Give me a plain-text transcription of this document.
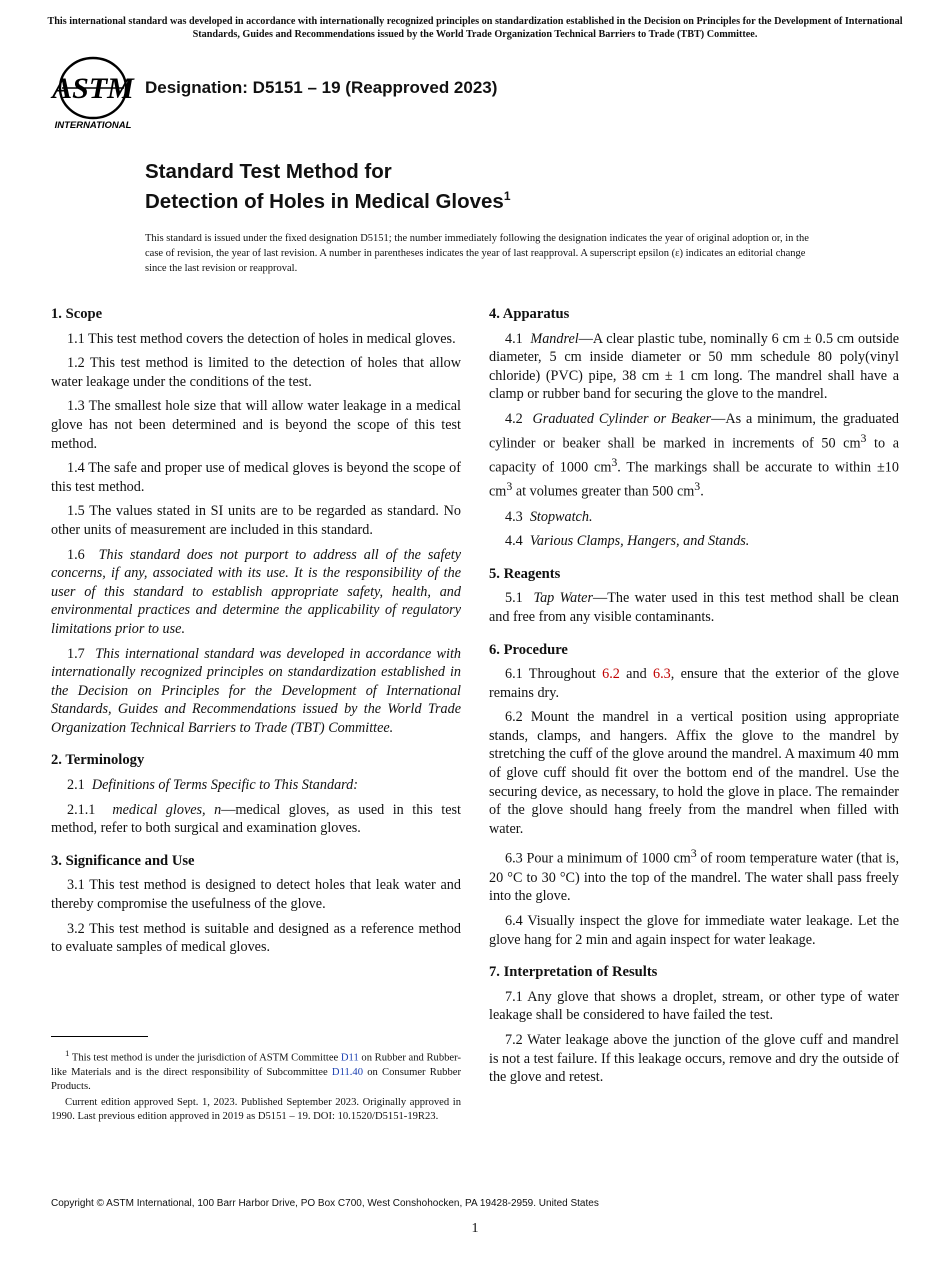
This international standard was developed in accordance with internationally recognized principles on standardization established in the Decision on Principles for the Development of International Standards, Guides and Recommendations issued by the World Trade Organization Technical Barriers to Trade (TBT) Committee.
ASTM
INTERNATIONAL
Designation: D5151 – 19 (Reapproved 2023)
Standard Test Method for
Detection of Holes in Medical Gloves$^1$
This standard is issued under the fixed designation D5151; the number immediately following the designation indicates the year of original adoption or, in the case of revision, the year of last revision. A number in parentheses indicates the year of last reapproval. A superscript epsilon (ε) indicates an editorial change since the last revision or reapproval.
1. Scope

1.1 This test method covers the detection of holes in medical gloves.

1.2 This test method is limited to the detection of holes that allow water leakage under the conditions of the test.

1.3 The smallest hole size that will allow water leakage in a medical glove has not been determined and is beyond the scope of this test method.

1.4 The safe and proper use of medical gloves is beyond the scope of this test method.

1.5 The values stated in SI units are to be regarded as standard. No other units of measurement are included in this standard.

1.6 This standard does not purport to address all of the safety concerns, if any, associated with its use. It is the responsibility of the user of this standard to establish appropriate safety, health, and environmental practices and determine the applicability of regulatory limitations prior to use.

1.7 This international standard was developed in accordance with internationally recognized principles on standardization established in the Decision on Principles for the Development of International Standards, Guides and Recommendations issued by the World Trade Organization Technical Barriers to Trade (TBT) Committee.

2. Terminology

2.1 Definitions of Terms Specific to This Standard:

2.1.1 medical gloves, n—medical gloves, as used in this test method, refer to both surgical and examination gloves.

3. Significance and Use

3.1 This test method is designed to detect holes that leak water and thereby compromise the usefulness of the glove.

3.2 This test method is suitable and designed as a reference method to evaluate samples of medical gloves.

$^1$ This test method is under the jurisdiction of ASTM Committee D11 on Rubber and Rubber-like Materials and is the direct responsibility of Subcommittee D11.40 on Consumer Rubber Products.

Current edition approved Sept. 1, 2023. Published September 2023. Originally approved in 1990. Last previous edition approved in 2019 as D5151 – 19. DOI: 10.1520/D5151-19R23.

4. Apparatus

4.1 Mandrel—A clear plastic tube, nominally 6 cm ± 0.5 cm outside diameter, 5 cm inside diameter or 50 mm schedule 80 poly(vinyl chloride) (PVC) pipe, 38 cm ± 1 cm long. The mandrel shall have a clamp or rubber band for securing the glove to the mandrel.

4.2 Graduated Cylinder or Beaker—As a minimum, the graduated cylinder or beaker shall be marked in increments of 50 $cm^3$ to a capacity of 1000 $cm^3$. The markings shall be accurate to within ±10 $cm^3$ at volumes greater than 500 $cm^3$.

4.3 Stopwatch.

4.4 Various Clamps, Hangers, and Stands.

5. Reagents

5.1 Tap Water—The water used in this test method shall be clean and free from any visible contaminants.

6. Procedure

6.1 Throughout 6.2 and 6.3, ensure that the exterior of the glove remains dry.

6.2 Mount the mandrel in a vertical position using appropriate stands, clamps, and hangers. Affix the glove to the mandrel by stretching the cuff of the glove around the mandrel. A maximum 40 mm of glove cuff should fit over the bottom end of the mandrel. Use the securing device, as necessary, to hold the glove in place. The remainder of the glove should hang freely from the mandrel when filled with water.

6.3 Pour a minimum of 1000 $cm^3$ of room temperature water (that is, 20 °C to 30 °C) into the top of the mandrel. The water shall pass freely into the glove.

6.4 Visually inspect the glove for immediate water leakage. Let the glove hang for 2 min and again inspect for water leakage.

7. Interpretation of Results

7.1 Any glove that shows a droplet, stream, or other type of water leakage shall be considered to have failed the test.

7.2 Water leakage above the junction of the glove cuff and mandrel is not a test failure. If this leakage occurs, remove and dry the outside of the glove and retest.

Copyright © ASTM International, 100 Barr Harbor Drive, PO Box C700, West Conshohocken, PA 19428-2959. United States
1
